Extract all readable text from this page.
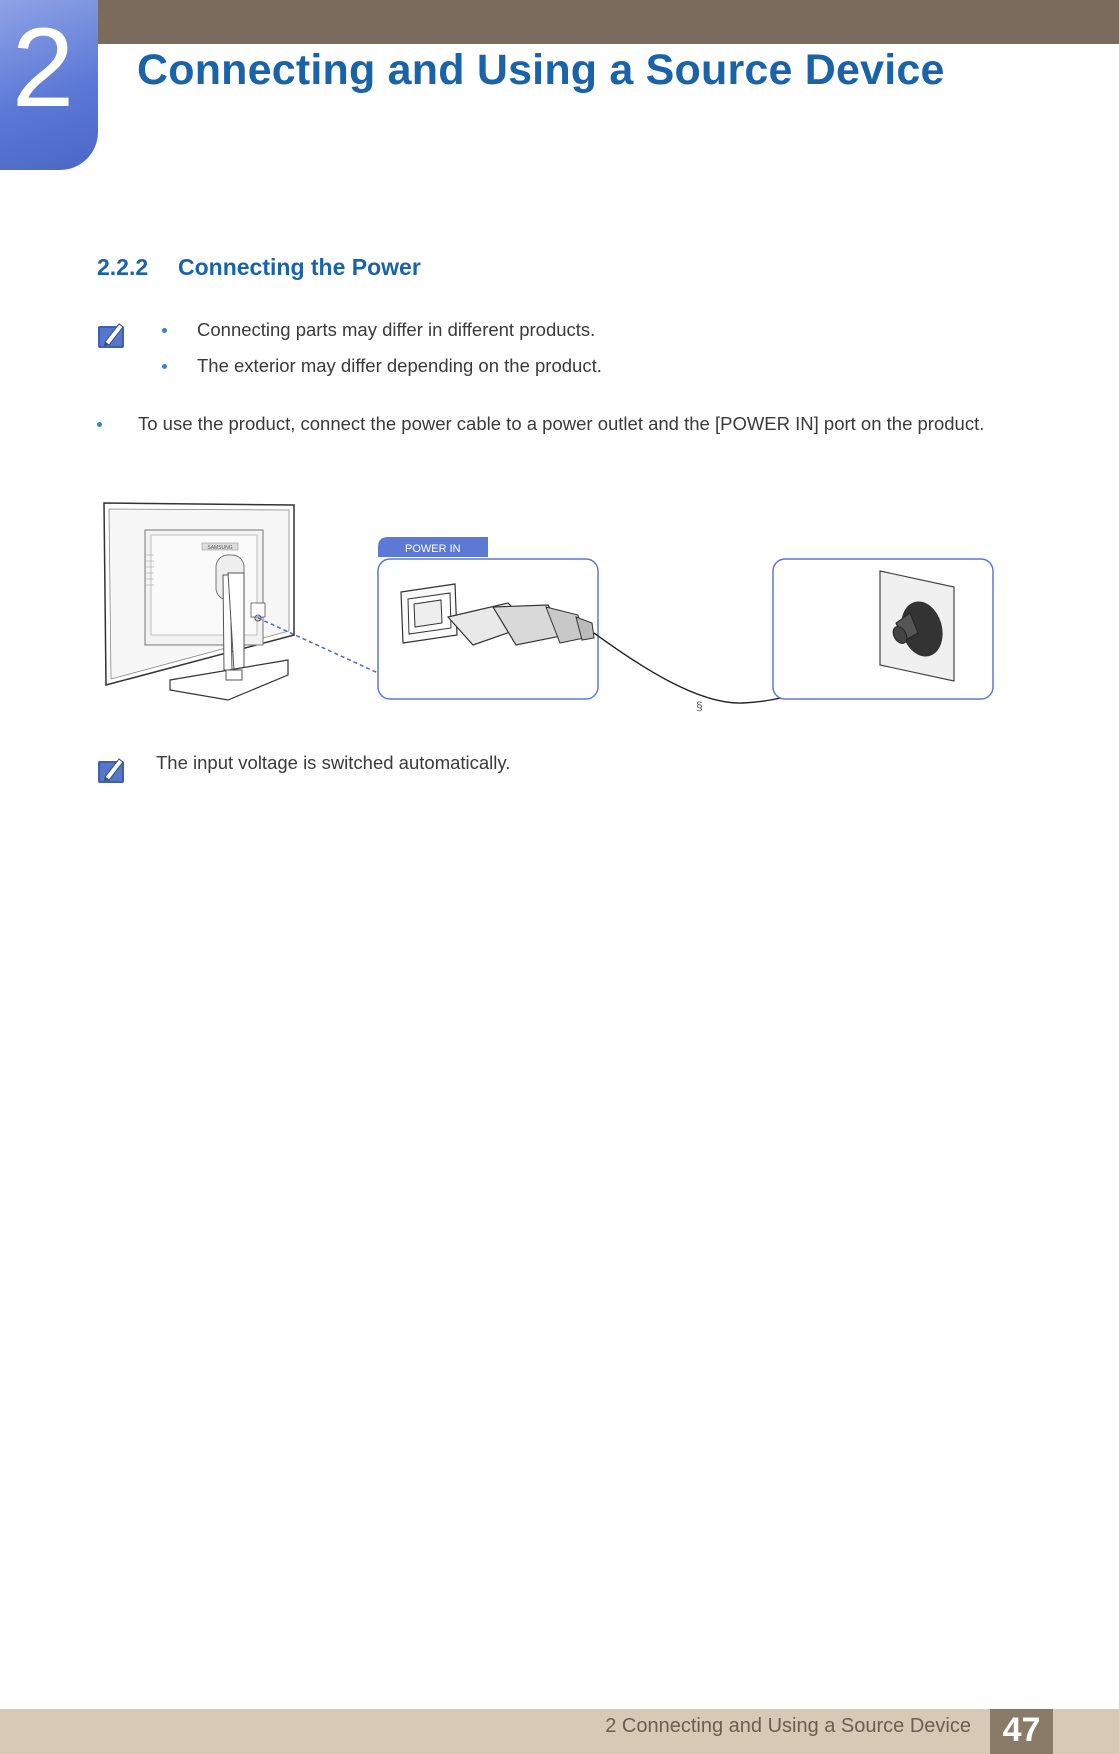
2 Connecting and Using a Source Device
2.2.2 Connecting the Power
Connecting parts may differ in different products.
The exterior may differ depending on the product.
To use the product, connect the power cable to a power outlet and the [POWER IN] port on the product.
SAMSUNG	POWER IN
§
The input voltage is switched automatically.
2 Connecting and Using a Source Device 47
